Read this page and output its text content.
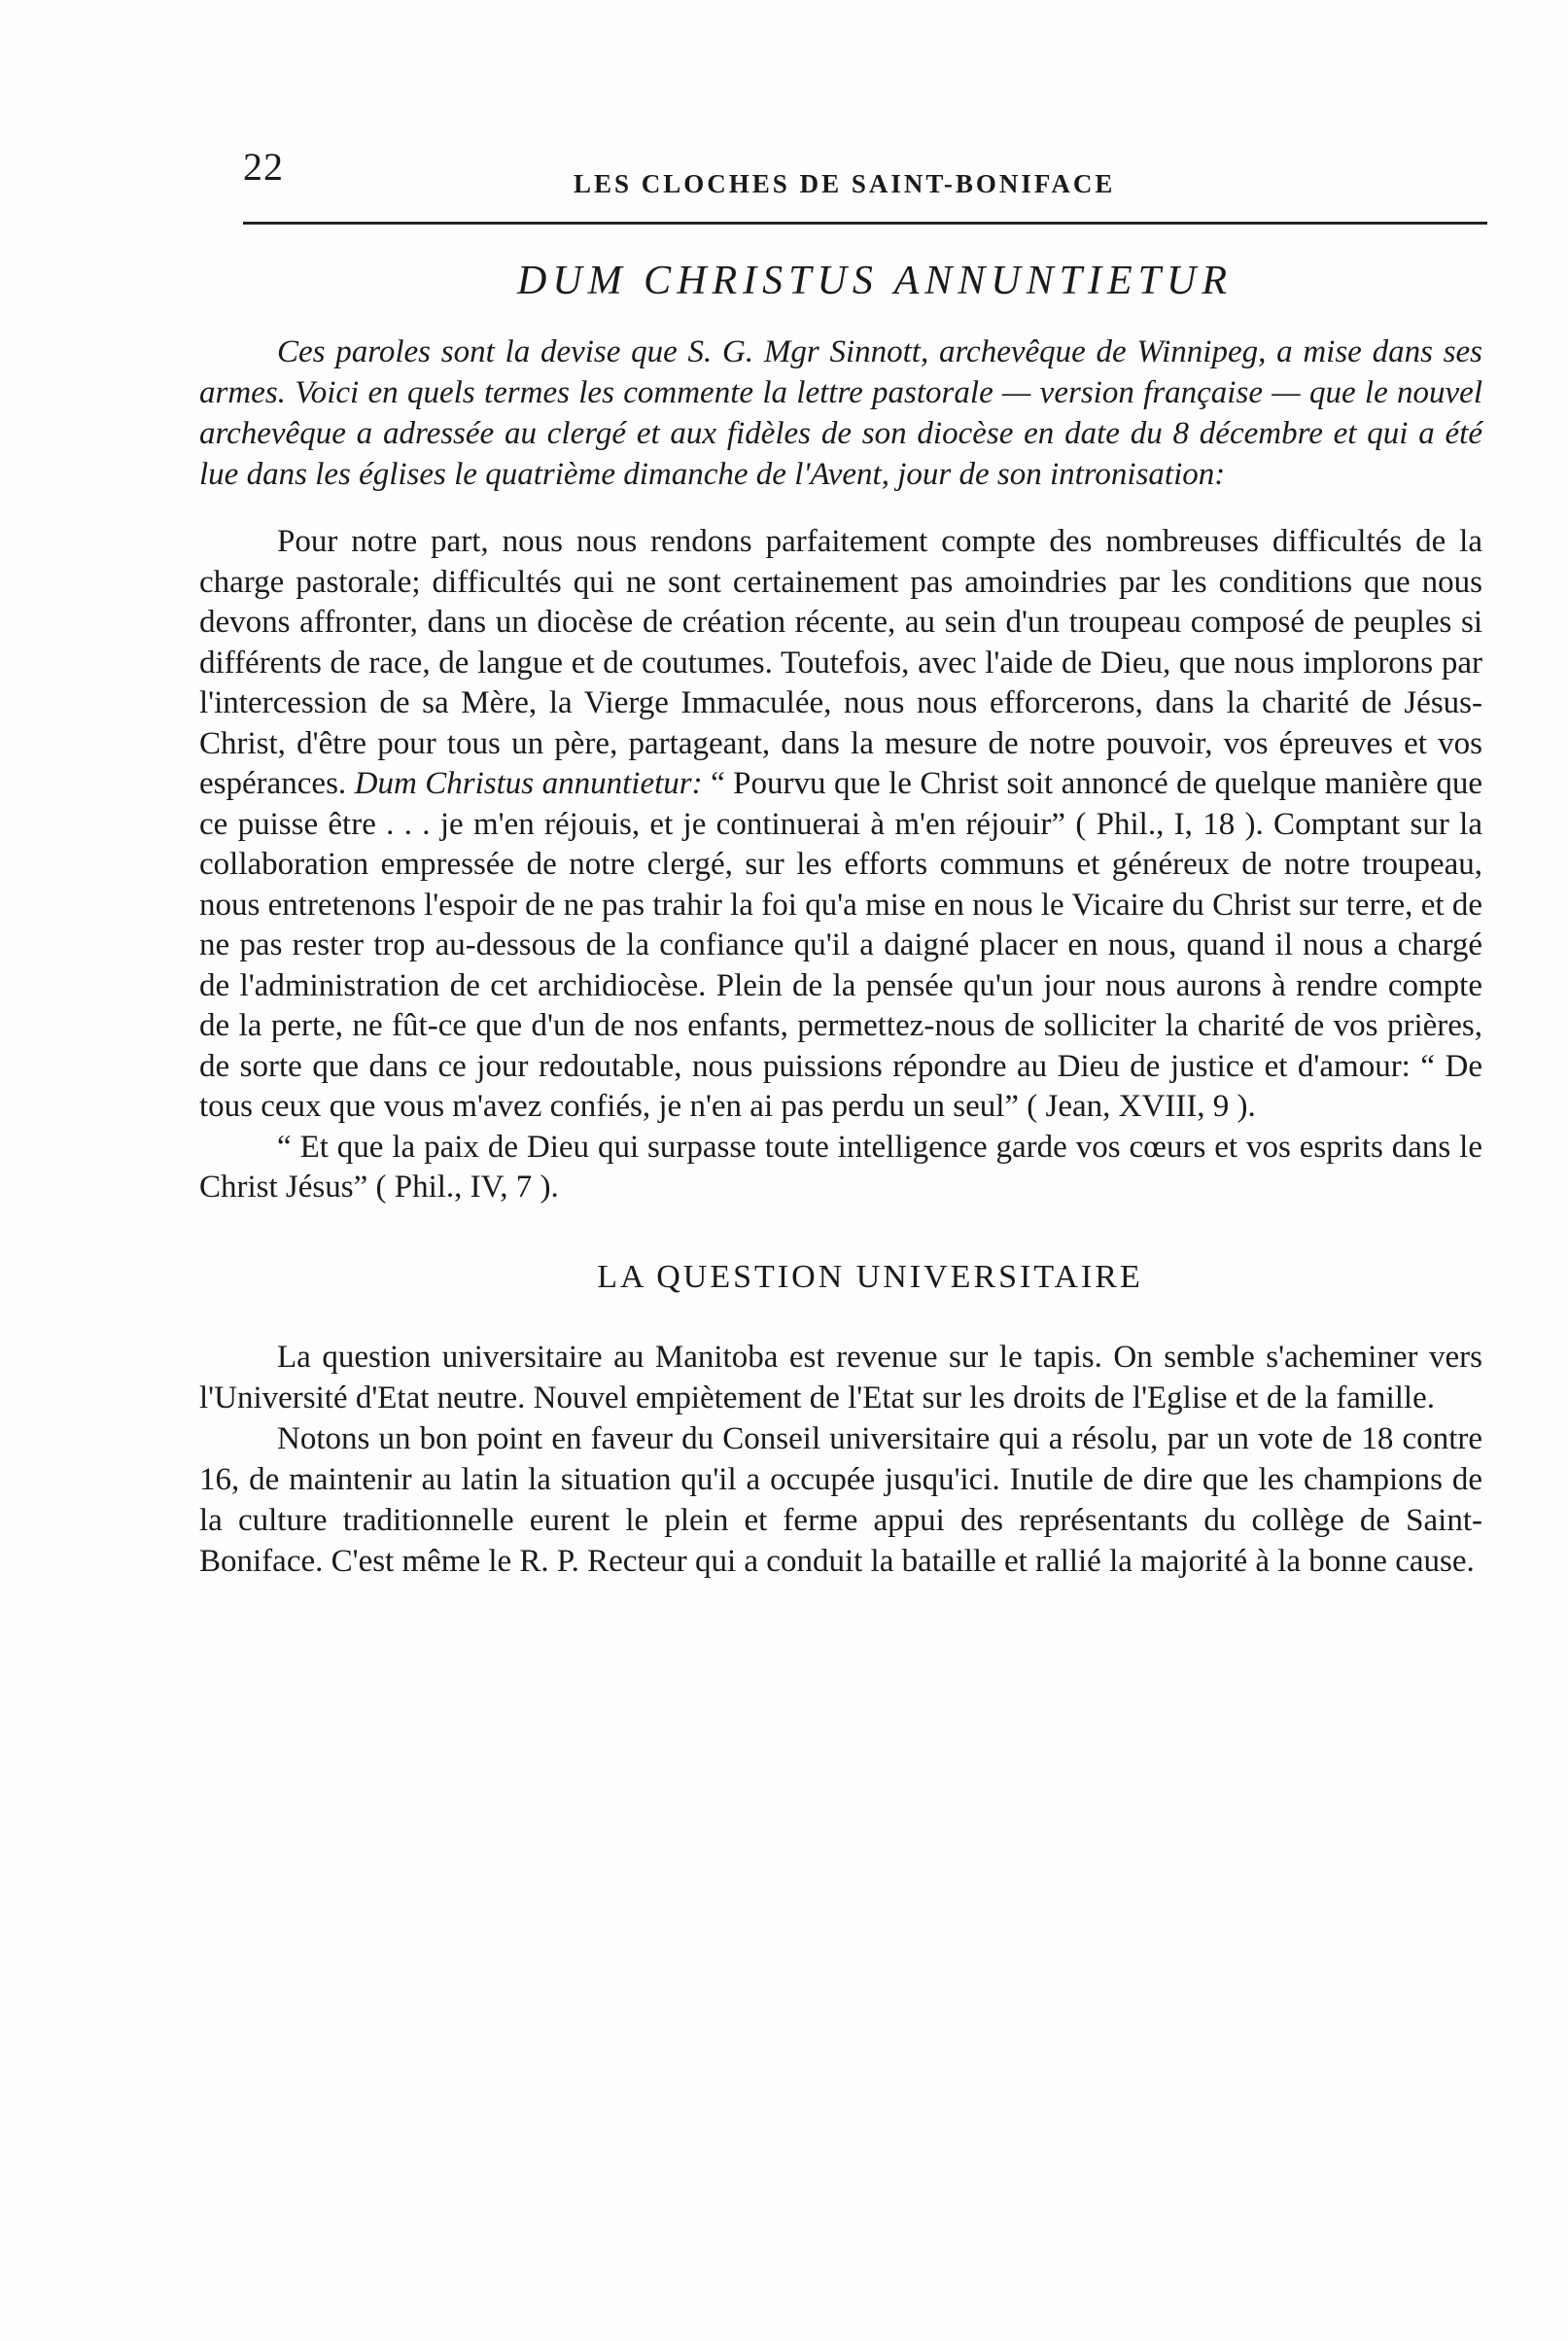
22	LES CLOCHES DE SAINT-BONIFACE
DUM CHRISTUS ANNUNTIETUR

Ces paroles sont la devise que S. G. Mgr Sinnott, archevêque de Winnipeg, a mise dans ses armes. Voici en quels termes les commente la lettre pastorale — version française — que le nouvel archevêque a adressée au clergé et aux fidèles de son diocèse en date du 8 décembre et qui a été lue dans les églises le quatrième dimanche de l'Avent, jour de son intronisation:

Pour notre part, nous nous rendons parfaitement compte des nombreuses difficultés de la charge pastorale; difficultés qui ne sont certainement pas amoindries par les conditions que nous devons affronter, dans un diocèse de création récente, au sein d'un troupeau composé de peuples si différents de race, de langue et de coutumes. Toutefois, avec l'aide de Dieu, que nous implorons par l'intercession de sa Mère, la Vierge Immaculée, nous nous efforcerons, dans la charité de Jésus-Christ, d'être pour tous un père, partageant, dans la mesure de notre pouvoir, vos épreuves et vos espérances. Dum Christus annuntietur: “ Pourvu que le Christ soit annoncé de quelque manière que ce puisse être . . . je m'en réjouis, et je continuerai à m'en réjouir” ( Phil., I, 18 ). Comptant sur la collaboration empressée de notre clergé, sur les efforts communs et généreux de notre troupeau, nous entretenons l'espoir de ne pas trahir la foi qu'a mise en nous le Vicaire du Christ sur terre, et de ne pas rester trop au-dessous de la confiance qu'il a daigné placer en nous, quand il nous a chargé de l'administration de cet archidiocèse. Plein de la pensée qu'un jour nous aurons à rendre compte de la perte, ne fût-ce que d'un de nos enfants, permettez-nous de solliciter la charité de vos prières, de sorte que dans ce jour redoutable, nous puissions répondre au Dieu de justice et d'amour: “ De tous ceux que vous m'avez confiés, je n'en ai pas perdu un seul” ( Jean, XVIII, 9 ).

“ Et que la paix de Dieu qui surpasse toute intelligence garde vos cœurs et vos esprits dans le Christ Jésus” ( Phil., IV, 7 ).

LA QUESTION UNIVERSITAIRE

La question universitaire au Manitoba est revenue sur le tapis. On semble s'acheminer vers l'Université d'Etat neutre. Nouvel empiètement de l'Etat sur les droits de l'Eglise et de la famille.

Notons un bon point en faveur du Conseil universitaire qui a résolu, par un vote de 18 contre 16, de maintenir au latin la situation qu'il a occupée jusqu'ici. Inutile de dire que les champions de la culture traditionnelle eurent le plein et ferme appui des représentants du collège de Saint-Boniface. C'est même le R. P. Recteur qui a conduit la bataille et rallié la majorité à la bonne cause.
